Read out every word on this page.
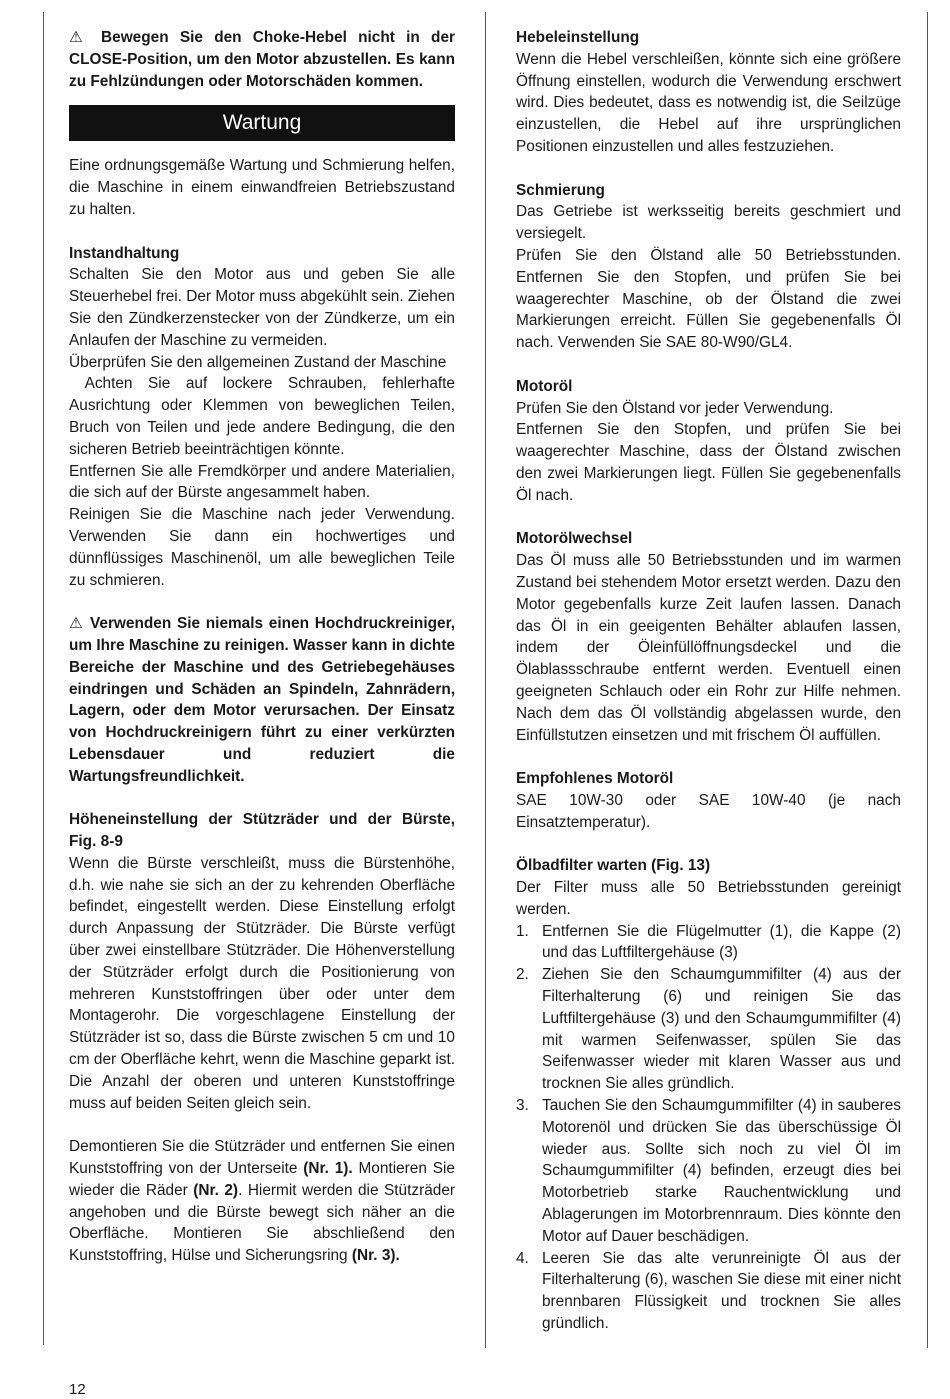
⚠ Bewegen Sie den Choke-Hebel nicht in der CLOSE-Position, um den Motor abzustellen. Es kann zu Fehlzündungen oder Motorschäden kommen.

Wartung

Eine ordnungsgemäße Wartung und Schmierung helfen, die Maschine in einem einwandfreien Betriebszustand zu halten.

Instandhaltung

Schalten Sie den Motor aus und geben Sie alle Steuerhebel frei. Der Motor muss abgekühlt sein. Ziehen Sie den Zündkerzenstecker von der Zündkerze, um ein Anlaufen der Maschine zu vermeiden.

Überprüfen Sie den allgemeinen Zustand der Maschine

Achten Sie auf lockere Schrauben, fehlerhafte Ausrichtung oder Klemmen von beweglichen Teilen, Bruch von Teilen und jede andere Bedingung, die den sicheren Betrieb beeinträchtigen könnte.

Entfernen Sie alle Fremdkörper und andere Materialien, die sich auf der Bürste angesammelt haben.

Reinigen Sie die Maschine nach jeder Verwendung. Verwenden Sie dann ein hochwertiges und dünnflüssiges Maschinenöl, um alle beweglichen Teile zu schmieren.

⚠ Verwenden Sie niemals einen Hochdruckreiniger, um Ihre Maschine zu reinigen. Wasser kann in dichte Bereiche der Maschine und des Getriebegehäuses eindringen und Schäden an Spindeln, Zahnrädern, Lagern, oder dem Motor verursachen. Der Einsatz von Hochdruckreinigern führt zu einer verkürzten Lebensdauer und reduziert die Wartungsfreundlichkeit.

Höheneinstellung der Stützräder und der Bürste, Fig. 8-9

Wenn die Bürste verschleißt, muss die Bürstenhöhe, d.h. wie nahe sie sich an der zu kehrenden Oberfläche befindet, eingestellt werden. Diese Einstellung erfolgt durch Anpassung der Stützräder. Die Bürste verfügt über zwei einstellbare Stützräder. Die Höhenverstellung der Stützräder erfolgt durch die Positionierung von mehreren Kunststoffringen über oder unter dem Montagerohr. Die vorgeschlagene Einstellung der Stützräder ist so, dass die Bürste zwischen 5 cm und 10 cm der Oberfläche kehrt, wenn die Maschine geparkt ist. Die Anzahl der oberen und unteren Kunststoffringe muss auf beiden Seiten gleich sein.

Demontieren Sie die Stützräder und entfernen Sie einen Kunststoffring von der Unterseite (Nr. 1). Montieren Sie wieder die Räder (Nr. 2). Hiermit werden die Stützräder angehoben und die Bürste bewegt sich näher an die Oberfläche. Montieren Sie abschließend den Kunststoffring, Hülse und Sicherungsring (Nr. 3).

Hebeleinstellung

Wenn die Hebel verschleißen, könnte sich eine größere Öffnung einstellen, wodurch die Verwendung erschwert wird. Dies bedeutet, dass es notwendig ist, die Seilzüge einzustellen, die Hebel auf ihre ursprünglichen Positionen einzustellen und alles festzuziehen.

Schmierung

Das Getriebe ist werksseitig bereits geschmiert und versiegelt.

Prüfen Sie den Ölstand alle 50 Betriebsstunden. Entfernen Sie den Stopfen, und prüfen Sie bei waagerechter Maschine, ob der Ölstand die zwei Markierungen erreicht. Füllen Sie gegebenenfalls Öl nach. Verwenden Sie SAE 80-W90/GL4.

Motoröl

Prüfen Sie den Ölstand vor jeder Verwendung.

Entfernen Sie den Stopfen, und prüfen Sie bei waagerechter Maschine, dass der Ölstand zwischen den zwei Markierungen liegt. Füllen Sie gegebenenfalls Öl nach.

Motorölwechsel

Das Öl muss alle 50 Betriebsstunden und im warmen Zustand bei stehendem Motor ersetzt werden. Dazu den Motor gegebenfalls kurze Zeit laufen lassen. Danach das Öl in ein geeigenten Behälter ablaufen lassen, indem der Öleinfüllöffnungsdeckel und die Ölablassschraube entfernt werden. Eventuell einen geeigneten Schlauch oder ein Rohr zur Hilfe nehmen. Nach dem das Öl vollständig abgelassen wurde, den Einfüllstutzen einsetzen und mit frischem Öl auffüllen.

Empfohlenes Motoröl

SAE 10W-30 oder SAE 10W-40 (je nach Einsatztemperatur).

Ölbadfilter warten (Fig. 13)

Der Filter muss alle 50 Betriebsstunden gereinigt werden.

1. Entfernen Sie die Flügelmutter (1), die Kappe (2) und das Luftfiltergehäuse (3)
2. Ziehen Sie den Schaumgummifilter (4) aus der Filterhalterung (6) und reinigen Sie das Luftfiltergehäuse (3) und den Schaumgummifilter (4) mit warmen Seifenwasser, spülen Sie das Seifenwasser wieder mit klaren Wasser aus und trocknen Sie alles gründlich.
3. Tauchen Sie den Schaumgummifilter (4) in sauberes Motorenöl und drücken Sie das überschüssige Öl wieder aus. Sollte sich noch zu viel Öl im Schaumgummifilter (4) befinden, erzeugt dies bei Motorbetrieb starke Rauchentwicklung und Ablagerungen im Motorbrennraum. Dies könnte den Motor auf Dauer beschädigen.
4. Leeren Sie das alte verunreinigte Öl aus der Filterhalterung (6), waschen Sie diese mit einer nicht brennbaren Flüssigkeit und trocknen Sie alles gründlich.
12
